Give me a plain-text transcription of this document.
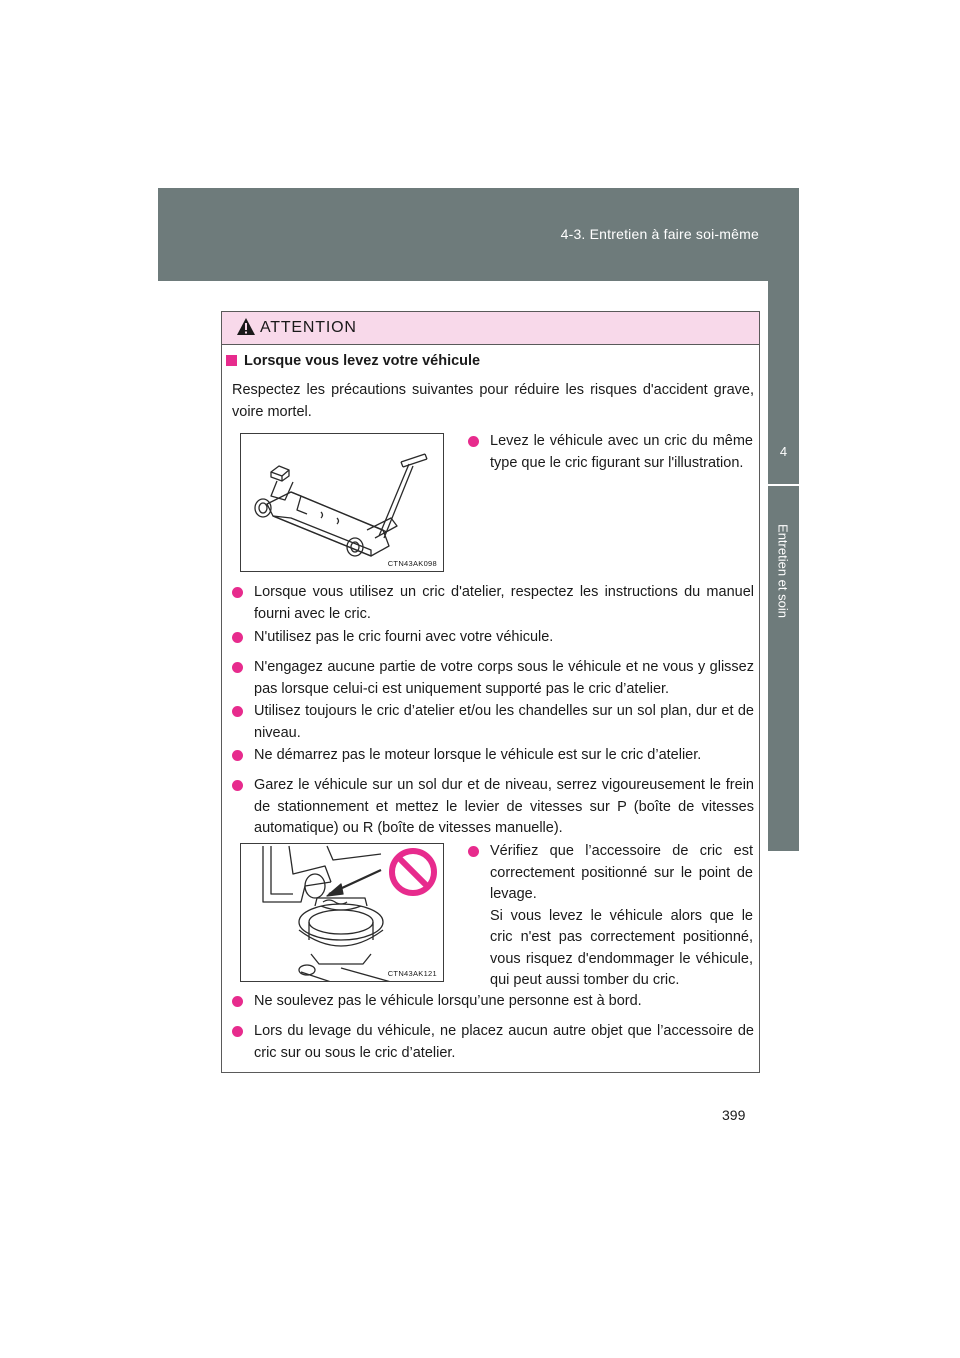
4-3. Entretien à faire soi-même
4
Entretien et soin
ATTENTION
Lorsque vous levez votre véhicule
Respectez les précautions suivantes pour réduire les risques d'accident grave, voire mortel.
CTN43AK098
Levez le véhicule avec un cric du même type que le cric figurant sur l'illustration.
Lorsque vous utilisez un cric d'atelier, respectez les instructions du manuel fourni avec le cric.
N'utilisez pas le cric fourni avec votre véhicule.
N'engagez aucune partie de votre corps sous le véhicule et ne vous y glissez pas lorsque celui-ci est uniquement supporté pas le cric d’atelier.
Utilisez toujours le cric d’atelier et/ou les chandelles sur un sol plan, dur et de niveau.
Ne démarrez pas le moteur lorsque le véhicule est sur le cric d’atelier.
Garez le véhicule sur un sol dur et de niveau, serrez vigoureusement le frein de stationnement et mettez le levier de vitesses sur P (boîte de vitesses automatique) ou R (boîte de vitesses manuelle).
CTN43AK121
Vérifiez que l’accessoire de cric est correctement positionné sur le point de levage.
Si vous levez le véhicule alors que le cric n'est pas correctement positionné, vous risquez d'endommager le véhicule, qui peut aussi tomber du cric.
Ne soulevez pas le véhicule lorsqu’une personne est à bord.
Lors du levage du véhicule, ne placez aucun autre objet que l’accessoire de cric sur ou sous le cric d’atelier.
399
